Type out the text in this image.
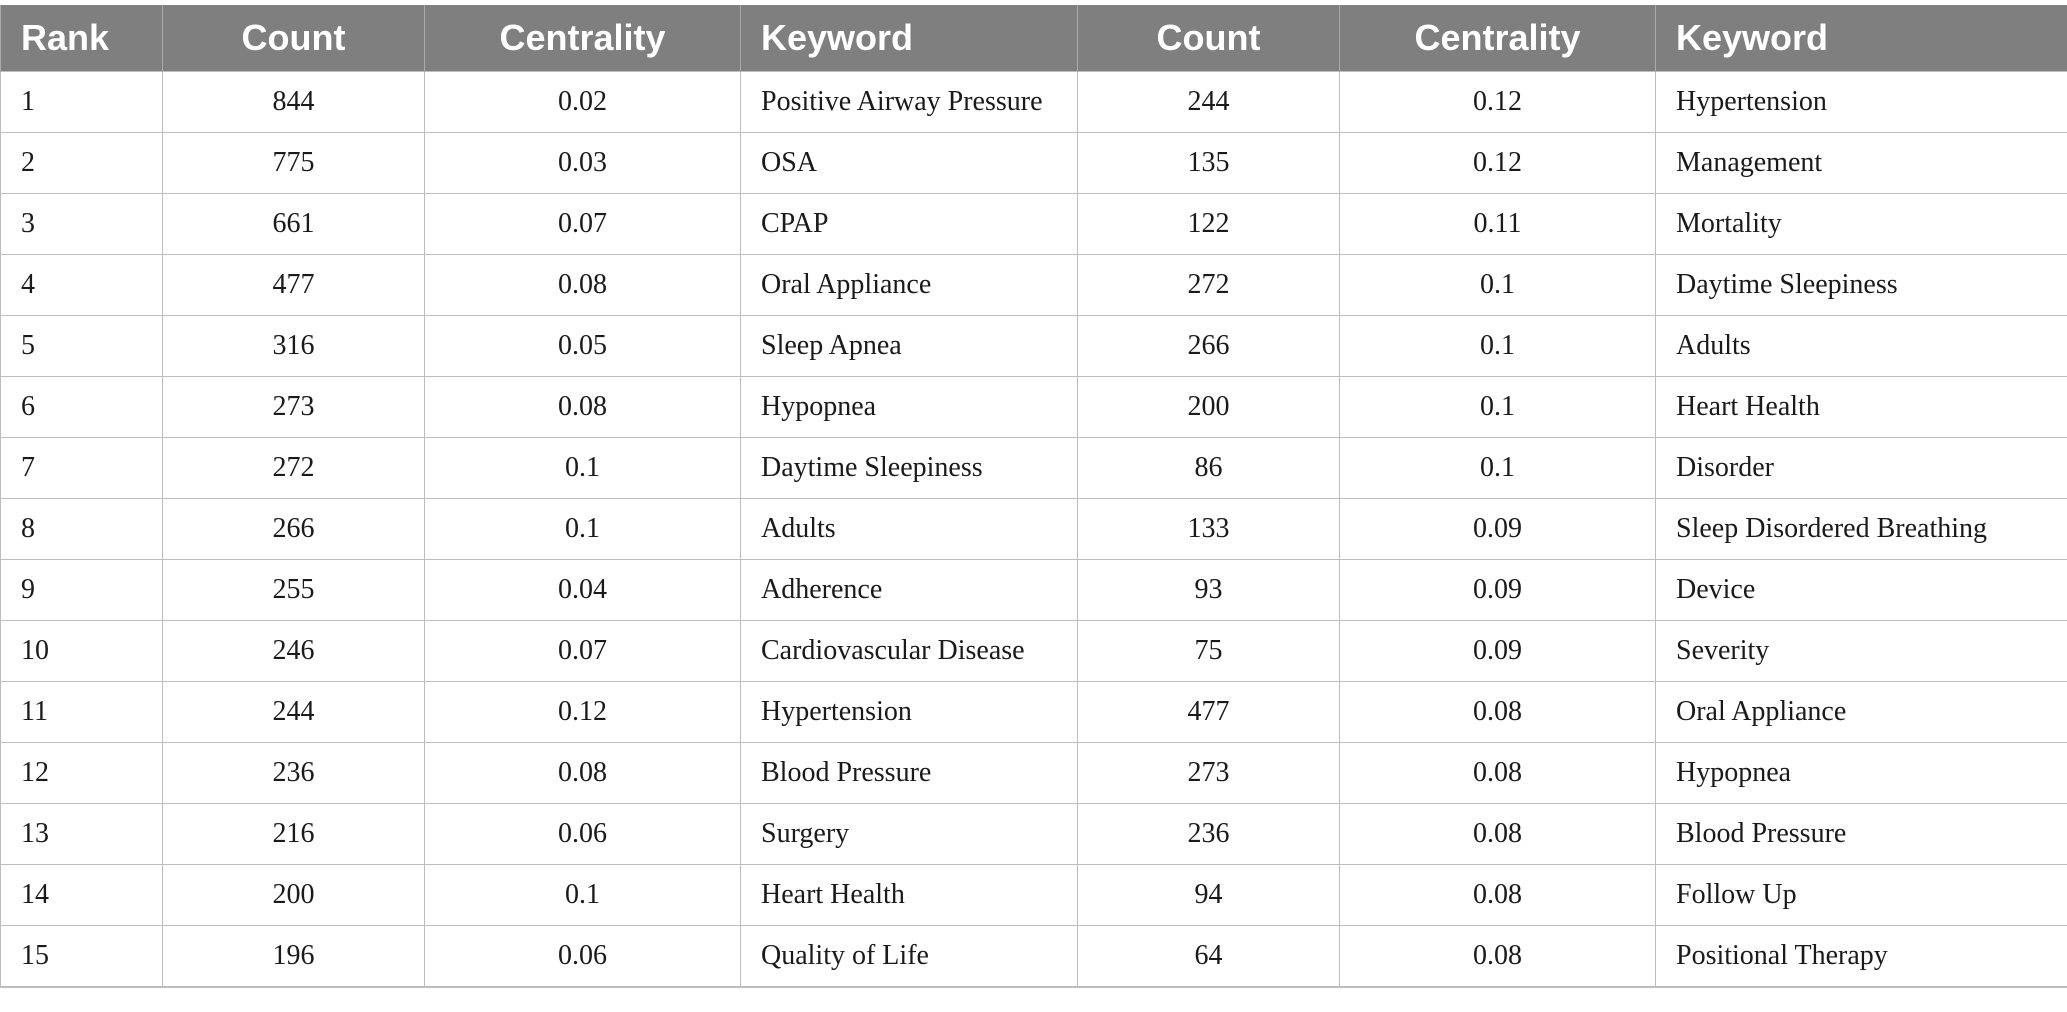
Rank	Count	Centrality	Keyword	Count	Centrality	Keyword
1	844	0.02	Positive Airway Pressure	244	0.12	Hypertension
2	775	0.03	OSA	135	0.12	Management
3	661	0.07	CPAP	122	0.11	Mortality
4	477	0.08	Oral Appliance	272	0.1	Daytime Sleepiness
5	316	0.05	Sleep Apnea	266	0.1	Adults
6	273	0.08	Hypopnea	200	0.1	Heart Health
7	272	0.1	Daytime Sleepiness	86	0.1	Disorder
8	266	0.1	Adults	133	0.09	Sleep Disordered Breathing
9	255	0.04	Adherence	93	0.09	Device
10	246	0.07	Cardiovascular Disease	75	0.09	Severity
11	244	0.12	Hypertension	477	0.08	Oral Appliance
12	236	0.08	Blood Pressure	273	0.08	Hypopnea
13	216	0.06	Surgery	236	0.08	Blood Pressure
14	200	0.1	Heart Health	94	0.08	Follow Up
15	196	0.06	Quality of Life	64	0.08	Positional Therapy
